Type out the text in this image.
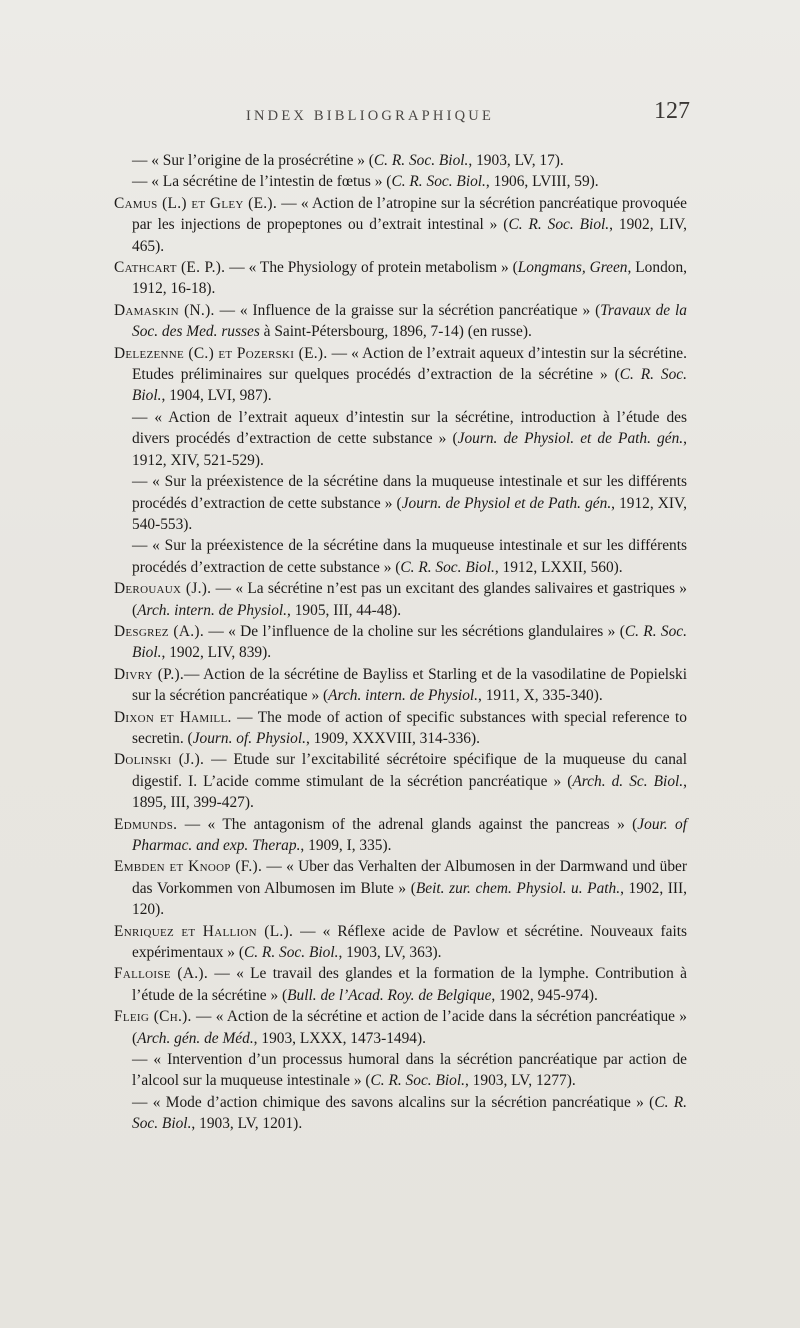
INDEX BIBLIOGRAPHIQUE	127

— « Sur l’origine de la prosécrétine » (C. R. Soc. Biol., 1903, LV, 17).

— « La sécrétine de l’intestin de fœtus » (C. R. Soc. Biol., 1906, LVIII, 59).

Camus (L.) et Gley (E.). — « Action de l’atropine sur la sécrétion pancréatique provoquée par les injections de propeptones ou d’extrait intestinal » (C. R. Soc. Biol., 1902, LIV, 465).

Cathcart (E. P.). — « The Physiology of protein metabolism » (Longmans, Green, London, 1912, 16-18).

Damaskin (N.). — « Influence de la graisse sur la sécrétion pancréatique » (Travaux de la Soc. des Med. russes à Saint-Pétersbourg, 1896, 7-14) (en russe).

Delezenne (C.) et Pozerski (E.). — « Action de l’extrait aqueux d’intestin sur la sécrétine. Etudes préliminaires sur quelques procédés d’extraction de la sécrétine » (C. R. Soc. Biol., 1904, LVI, 987).

— « Action de l’extrait aqueux d’intestin sur la sécrétine, introduction à l’étude des divers procédés d’extraction de cette substance » (Journ. de Physiol. et de Path. gén., 1912, XIV, 521-529).

— « Sur la préexistence de la sécrétine dans la muqueuse intestinale et sur les différents procédés d’extraction de cette substance » (Journ. de Physiol et de Path. gén., 1912, XIV, 540-553).

— « Sur la préexistence de la sécrétine dans la muqueuse intestinale et sur les différents procédés d’extraction de cette substance » (C. R. Soc. Biol., 1912, LXXII, 560).

Derouaux (J.). — « La sécrétine n’est pas un excitant des glandes salivaires et gastriques » (Arch. intern. de Physiol., 1905, III, 44-48).

Desgrez (A.). — « De l’influence de la choline sur les sécrétions glandulaires » (C. R. Soc. Biol., 1902, LIV, 839).

Divry (P.).— Action de la sécrétine de Bayliss et Starling et de la vasodilatine de Popielski sur la sécrétion pancréatique » (Arch. intern. de Physiol., 1911, X, 335-340).

Dixon et Hamill. — The mode of action of specific substances with special reference to secretin. (Journ. of. Physiol., 1909, XXXVIII, 314-336).

Dolinski (J.). — Etude sur l’excitabilité sécrétoire spécifique de la muqueuse du canal digestif. I. L’acide comme stimulant de la sécrétion pancréatique » (Arch. d. Sc. Biol., 1895, III, 399-427).

Edmunds. — « The antagonism of the adrenal glands against the pancreas » (Jour. of Pharmac. and exp. Therap., 1909, I, 335).

Embden et Knoop (F.). — « Uber das Verhalten der Albumosen in der Darmwand und über das Vorkommen von Albumosen im Blute » (Beit. zur. chem. Physiol. u. Path., 1902, III, 120).

Enriquez et Hallion (L.). — « Réflexe acide de Pavlow et sécrétine. Nouveaux faits expérimentaux » (C. R. Soc. Biol., 1903, LV, 363).

Falloise (A.). — « Le travail des glandes et la formation de la lymphe. Contribution à l’étude de la sécrétine » (Bull. de l’Acad. Roy. de Belgique, 1902, 945-974).

Fleig (Ch.). — « Action de la sécrétine et action de l’acide dans la sécrétion pancréatique » (Arch. gén. de Méd., 1903, LXXX, 1473-1494).

— « Intervention d’un processus humoral dans la sécrétion pancréatique par action de l’alcool sur la muqueuse intestinale » (C. R. Soc. Biol., 1903, LV, 1277).

— « Mode d’action chimique des savons alcalins sur la sécrétion pancréatique » (C. R. Soc. Biol., 1903, LV, 1201).
